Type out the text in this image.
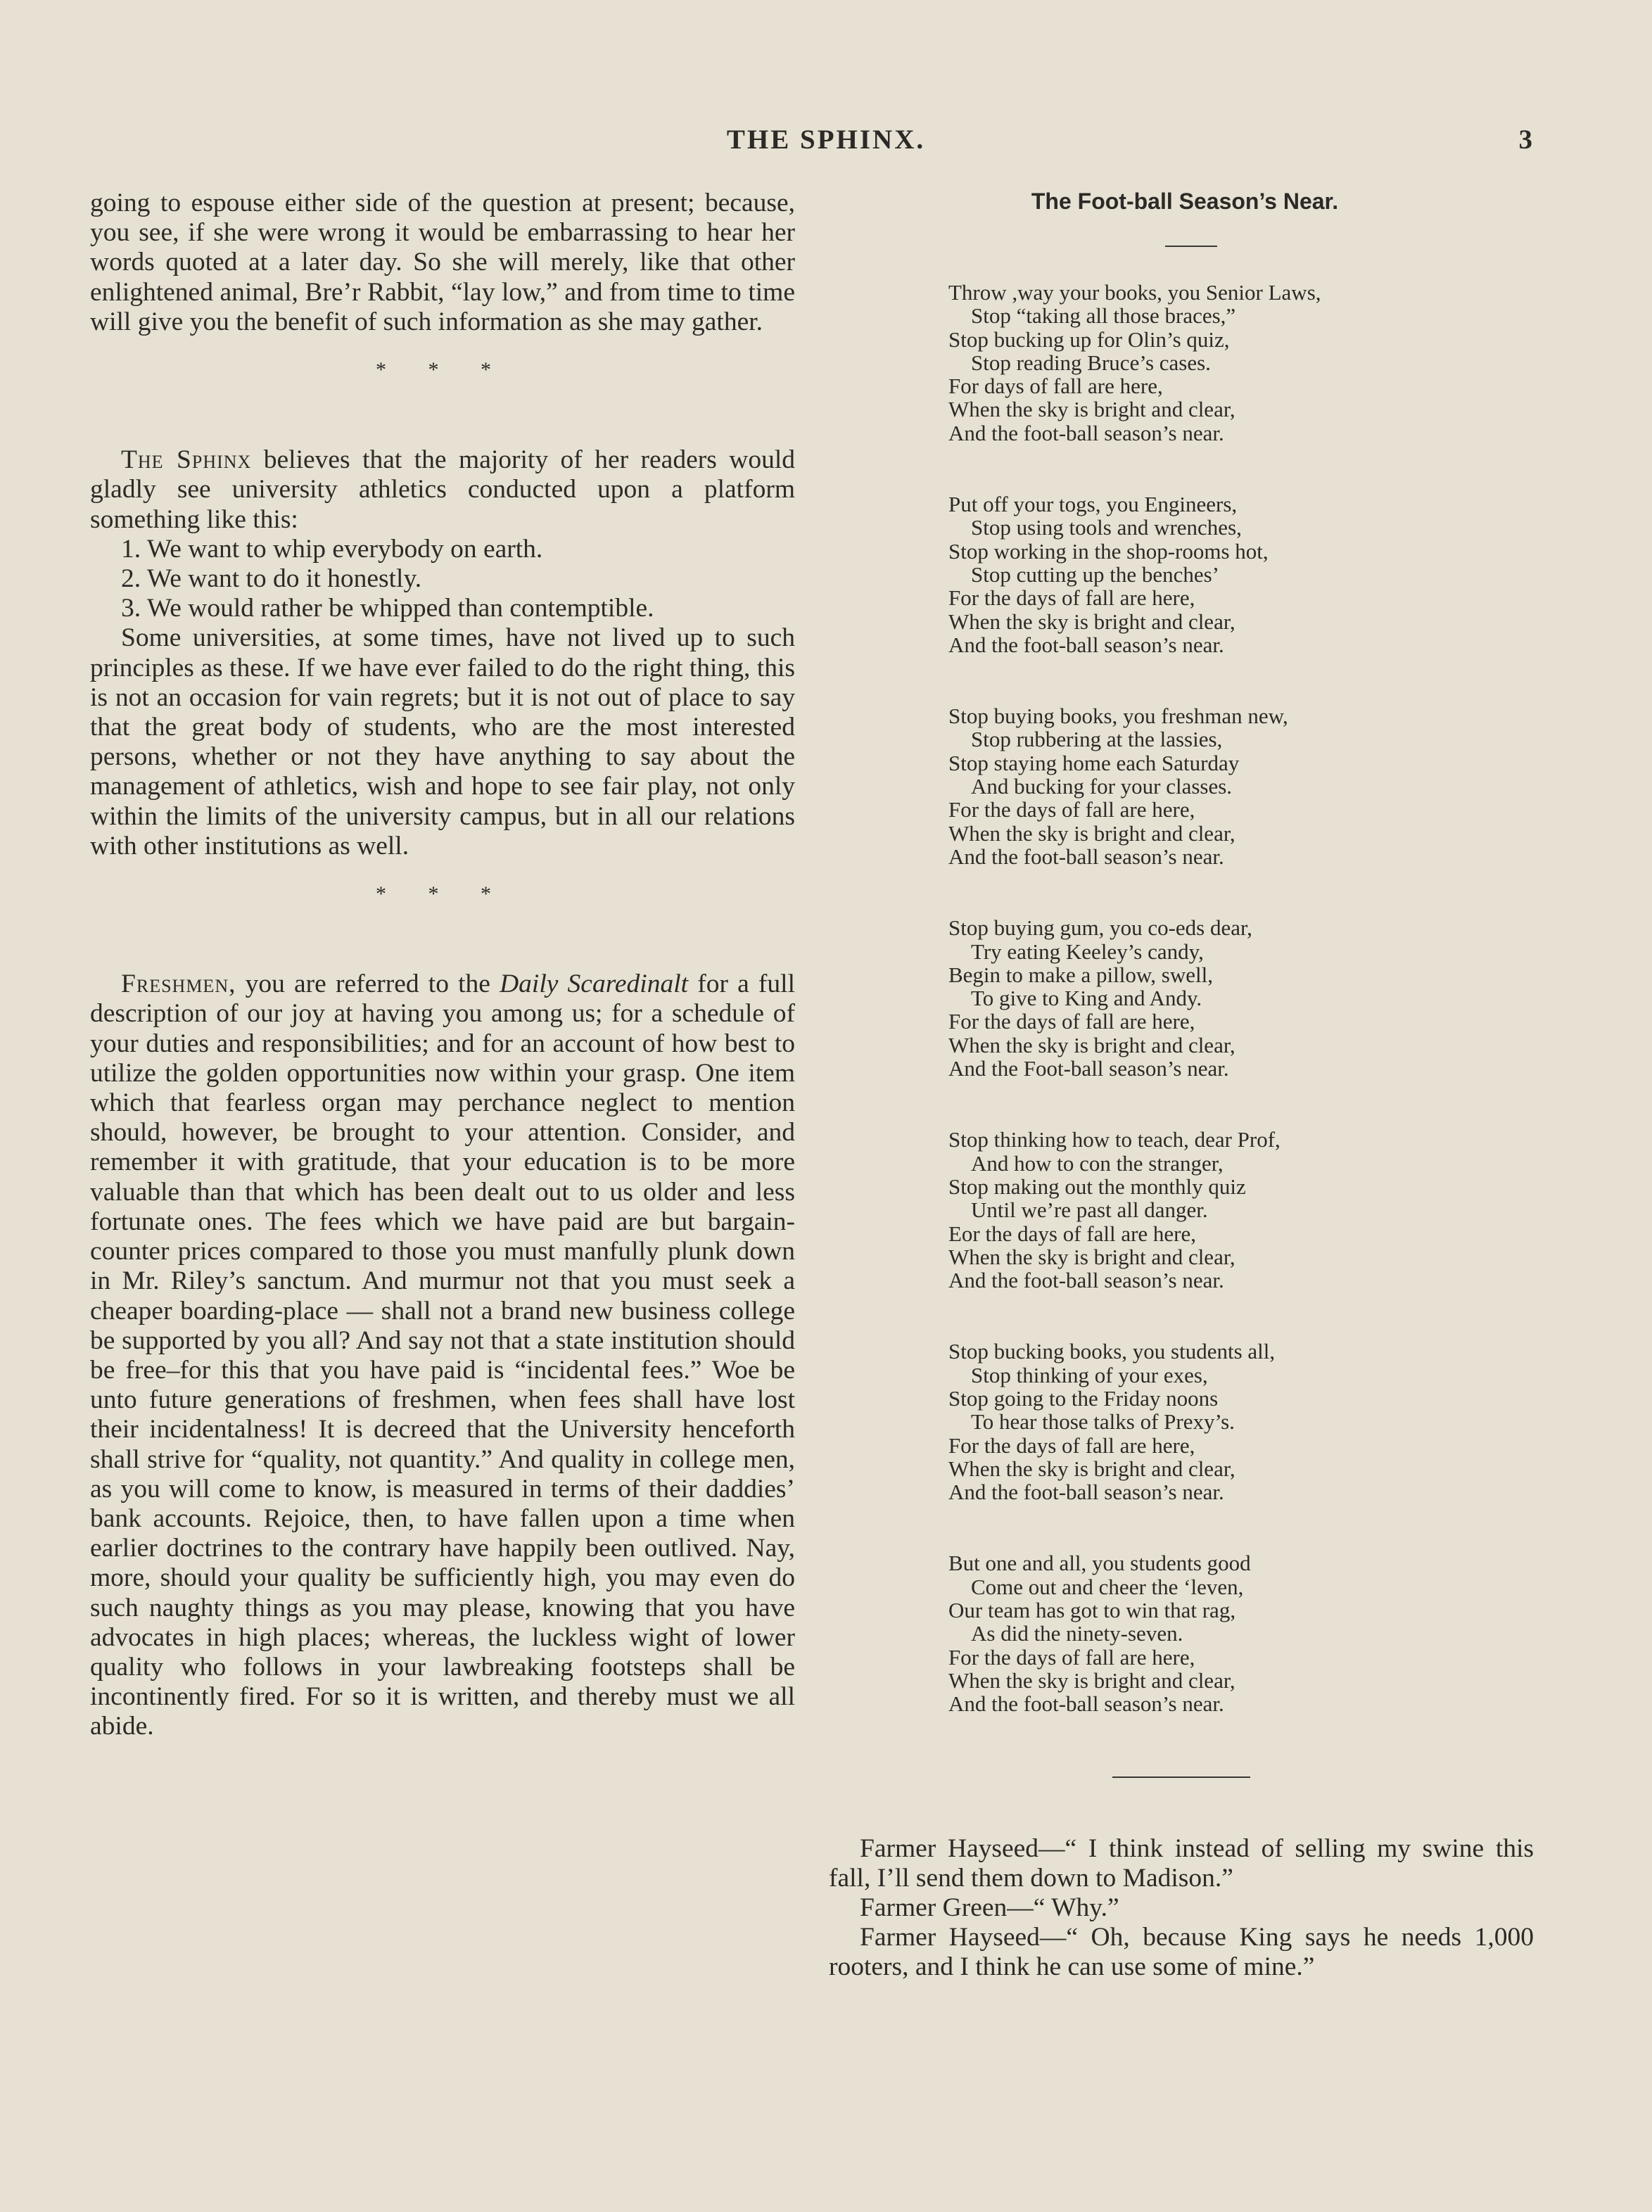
THE SPHINX.	3

going to espouse either side of the question at present; because, you see, if she were wrong it would be embarrassing to hear her words quoted at a later day. So she will merely, like that other enlightened animal, Bre’r Rabbit, “lay low,” and from time to time will give you the benefit of such information as she may gather.

* * *

The Sphinx believes that the majority of her readers would gladly see university athletics conducted upon a platform something like this:

1. We want to whip everybody on earth.

2. We want to do it honestly.

3. We would rather be whipped than contemptible.

Some universities, at some times, have not lived up to such principles as these. If we have ever failed to do the right thing, this is not an occasion for vain regrets; but it is not out of place to say that the great body of students, who are the most interested persons, whether or not they have anything to say about the management of athletics, wish and hope to see fair play, not only within the limits of the university campus, but in all our relations with other institutions as well.

* * *

Freshmen, you are referred to the Daily Scaredinalt for a full description of our joy at having you among us; for a schedule of your duties and responsibilities; and for an account of how best to utilize the golden opportunities now within your grasp. One item which that fearless organ may perchance neglect to mention should, however, be brought to your attention. Consider, and remember it with gratitude, that your education is to be more valuable than that which has been dealt out to us older and less fortunate ones. The fees which we have paid are but bargain-counter prices compared to those you must manfully plunk down in Mr. Riley’s sanctum. And murmur not that you must seek a cheaper boarding-place — shall not a brand new business college be supported by you all? And say not that a state institution should be free–for this that you have paid is “incidental fees.” Woe be unto future generations of freshmen, when fees shall have lost their incidentalness! It is decreed that the University henceforth shall strive for “quality, not quantity.” And quality in college men, as you will come to know, is measured in terms of their daddies’ bank accounts. Rejoice, then, to have fallen upon a time when earlier doctrines to the contrary have happily been outlived. Nay, more, should your quality be sufficiently high, you may even do such naughty things as you may please, knowing that you have advocates in high places; whereas, the luckless wight of lower quality who follows in your lawbreaking footsteps shall be incontinently fired. For so it is written, and thereby must we all abide.

The Foot-ball Season’s Near.

Throw ,way your books, you Senior Laws,
Stop “taking all those braces,”
Stop bucking up for Olin’s quiz,
Stop reading Bruce’s cases.
For days of fall are here,
When the sky is bright and clear,
And the foot-ball season’s near.
Put off your togs, you Engineers,
Stop using tools and wrenches,
Stop working in the shop-rooms hot,
Stop cutting up the benches’
For the days of fall are here,
When the sky is bright and clear,
And the foot-ball season’s near.
Stop buying books, you freshman new,
Stop rubbering at the lassies,
Stop staying home each Saturday
And bucking for your classes.
For the days of fall are here,
When the sky is bright and clear,
And the foot-ball season’s near.
Stop buying gum, you co-eds dear,
Try eating Keeley’s candy,
Begin to make a pillow, swell,
To give to King and Andy.
For the days of fall are here,
When the sky is bright and clear,
And the Foot-ball season’s near.
Stop thinking how to teach, dear Prof,
And how to con the stranger,
Stop making out the monthly quiz
Until we’re past all danger.
Eor the days of fall are here,
When the sky is bright and clear,
And the foot-ball season’s near.
Stop bucking books, you students all,
Stop thinking of your exes,
Stop going to the Friday noons
To hear those talks of Prexy’s.
For the days of fall are here,
When the sky is bright and clear,
And the foot-ball season’s near.
But one and all, you students good
Come out and cheer the ‘leven,
Our team has got to win that rag,
As did the ninety-seven.
For the days of fall are here,
When the sky is bright and clear,
And the foot-ball season’s near.

Farmer Hayseed—“ I think instead of selling my swine this fall, I’ll send them down to Madison.”

Farmer Green—“ Why.”

Farmer Hayseed—“ Oh, because King says he needs 1,000 rooters, and I think he can use some of mine.”
